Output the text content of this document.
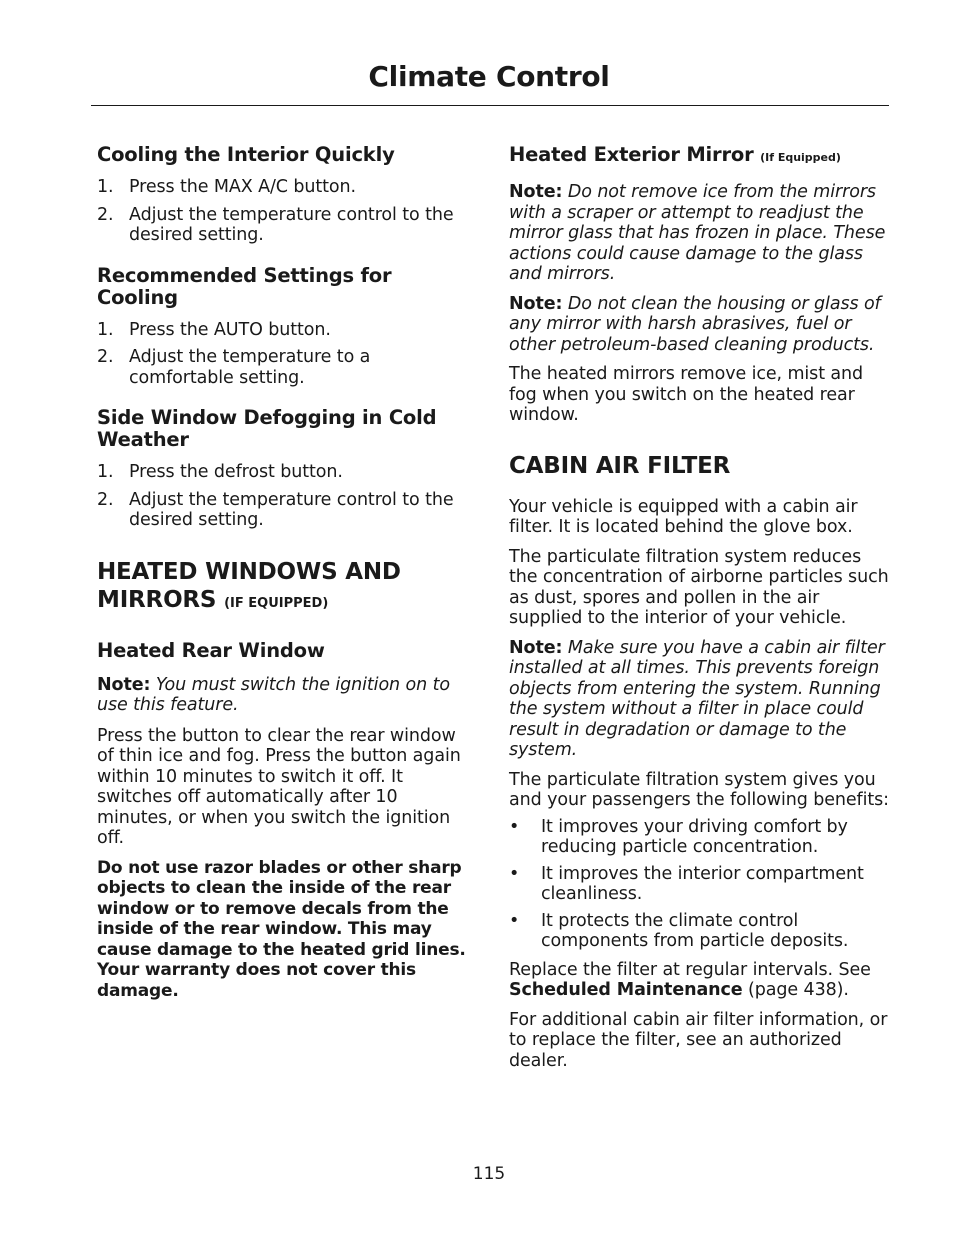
Climate Control
Cooling the Interior Quickly
1. Press the MAX A/C button.
2. Adjust the temperature control to the desired setting.
Recommended Settings for Cooling
1. Press the AUTO button.
2. Adjust the temperature to a comfortable setting.
Side Window Defogging in Cold Weather
1. Press the defrost button.
2. Adjust the temperature control to the desired setting.
HEATED WINDOWS AND
MIRRORS (IF EQUIPPED)
Heated Rear Window

Note: You must switch the ignition on to use this feature.

Press the button to clear the rear window of thin ice and fog. Press the button again within 10 minutes to switch it off. It switches off automatically after 10 minutes, or when you switch the ignition off.

Do not use razor blades or other sharp objects to clean the inside of the rear window or to remove decals from the inside of the rear window. This may cause damage to the heated grid lines. Your warranty does not cover this damage.

Heated Exterior Mirror (If Equipped)

Note: Do not remove ice from the mirrors with a scraper or attempt to readjust the mirror glass that has frozen in place. These actions could cause damage to the glass and mirrors.

Note: Do not clean the housing or glass of any mirror with harsh abrasives, fuel or other petroleum-based cleaning products.

The heated mirrors remove ice, mist and fog when you switch on the heated rear window.

CABIN AIR FILTER

Your vehicle is equipped with a cabin air filter. It is located behind the glove box.

The particulate filtration system reduces the concentration of airborne particles such as dust, spores and pollen in the air supplied to the interior of your vehicle.

Note: Make sure you have a cabin air filter installed at all times. This prevents foreign objects from entering the system. Running the system without a filter in place could result in degradation or damage to the system.

The particulate filtration system gives you and your passengers the following benefits:

• It improves your driving comfort by reducing particle concentration.
• It improves the interior compartment cleanliness.
• It protects the climate control components from particle deposits.

Replace the filter at regular intervals. See Scheduled Maintenance (page 438).

For additional cabin air filter information, or to replace the filter, see an authorized dealer.

115
